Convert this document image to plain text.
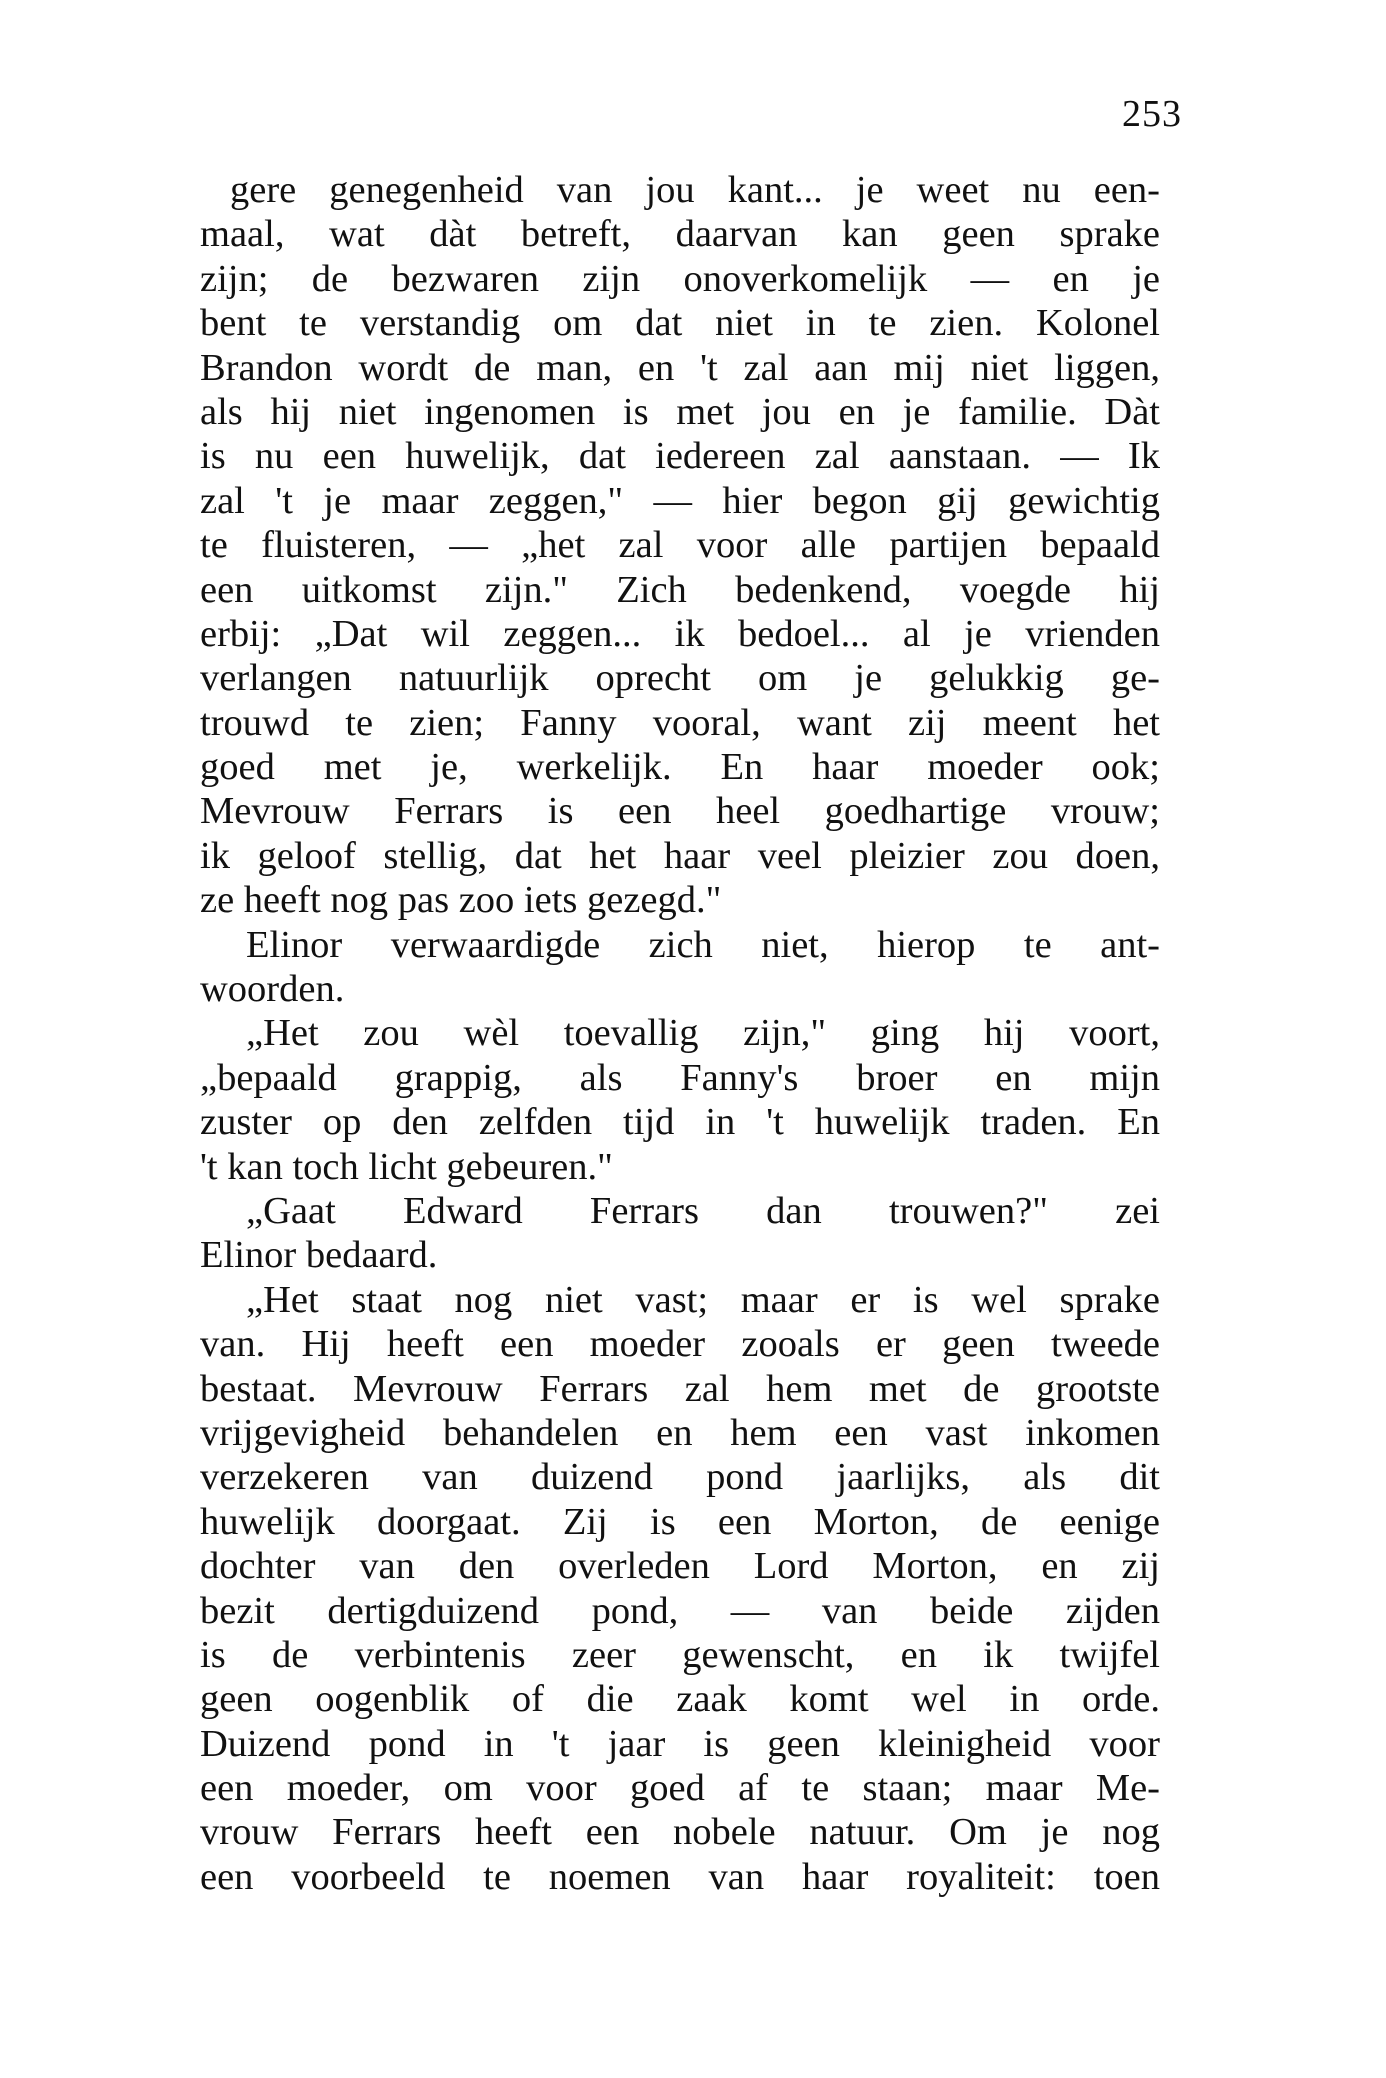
253
gere genegenheid van jou kant... je weet nu een-
maal, wat dàt betreft, daarvan kan geen sprake
zijn; de bezwaren zijn onoverkomelijk — en je
bent te verstandig om dat niet in te zien. Kolonel
Brandon wordt de man, en 't zal aan mij niet liggen,
als hij niet ingenomen is met jou en je familie. Dàt
is nu een huwelijk, dat iedereen zal aanstaan. — Ik
zal 't je maar zeggen," — hier begon gij gewichtig
te fluisteren, — „het zal voor alle partijen bepaald
een uitkomst zijn." Zich bedenkend, voegde hij
erbij: „Dat wil zeggen... ik bedoel... al je vrienden
verlangen natuurlijk oprecht om je gelukkig ge-
trouwd te zien; Fanny vooral, want zij meent het
goed met je, werkelijk. En haar moeder ook;
Mevrouw Ferrars is een heel goedhartige vrouw;
ik geloof stellig, dat het haar veel pleizier zou doen,
ze heeft nog pas zoo iets gezegd."
Elinor verwaardigde zich niet, hierop te ant-
woorden.
„Het zou wèl toevallig zijn," ging hij voort,
„bepaald grappig, als Fanny's broer en mijn
zuster op den zelfden tijd in 't huwelijk traden. En
't kan toch licht gebeuren."
„Gaat Edward Ferrars dan trouwen?" zei
Elinor bedaard.
„Het staat nog niet vast; maar er is wel sprake
van. Hij heeft een moeder zooals er geen tweede
bestaat. Mevrouw Ferrars zal hem met de grootste
vrijgevigheid behandelen en hem een vast inkomen
verzekeren van duizend pond jaarlijks, als dit
huwelijk doorgaat. Zij is een Morton, de eenige
dochter van den overleden Lord Morton, en zij
bezit dertigduizend pond, — van beide zijden
is de verbintenis zeer gewenscht, en ik twijfel
geen oogenblik of die zaak komt wel in orde.
Duizend pond in 't jaar is geen kleinigheid voor
een moeder, om voor goed af te staan; maar Me-
vrouw Ferrars heeft een nobele natuur. Om je nog
een voorbeeld te noemen van haar royaliteit: toen
